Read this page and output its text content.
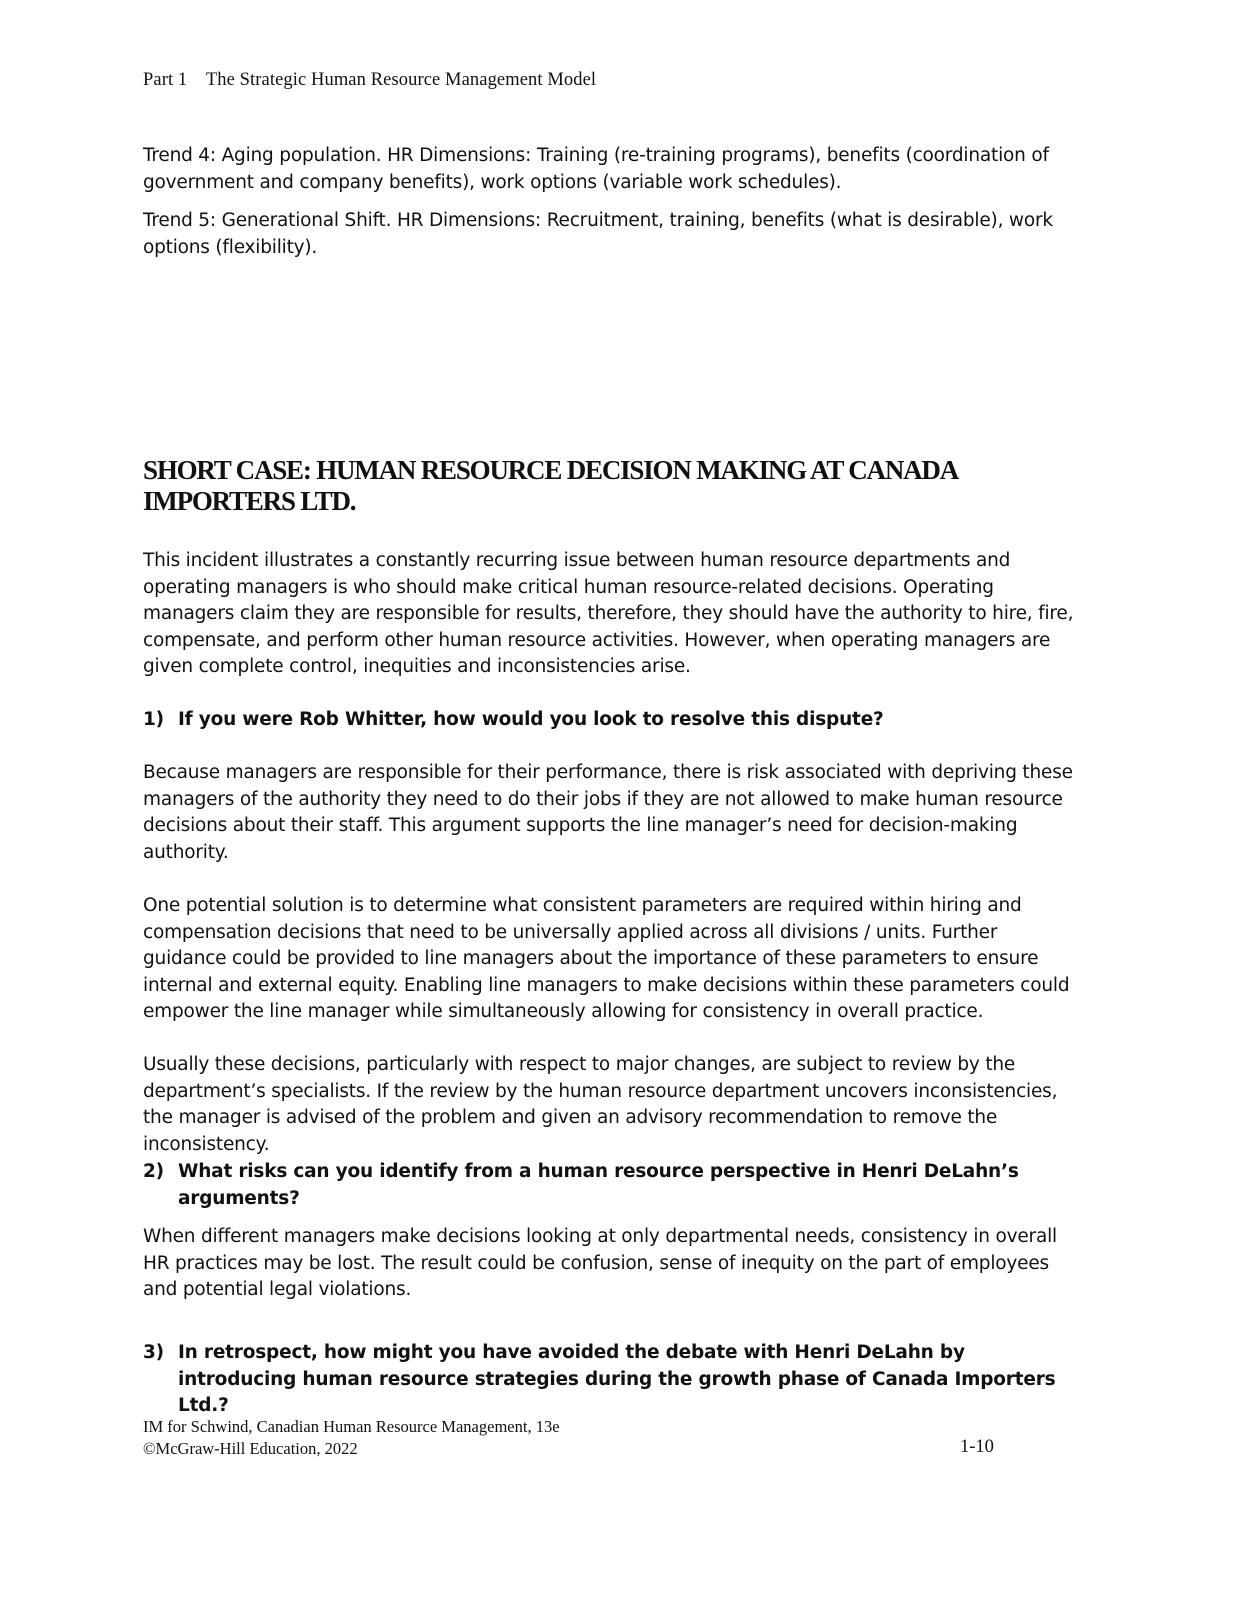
Part 1    The Strategic Human Resource Management Model

Trend 4: Aging population. HR Dimensions: Training (re-training programs), benefits (coordination of government and company benefits), work options (variable work schedules).

Trend 5: Generational Shift. HR Dimensions: Recruitment, training, benefits (what is desirable), work options (flexibility).

SHORT CASE: HUMAN RESOURCE DECISION MAKING AT CANADA IMPORTERS LTD.

This incident illustrates a constantly recurring issue between human resource departments and operating managers is who should make critical human resource-related decisions. Operating managers claim they are responsible for results, therefore, they should have the authority to hire, fire, compensate, and perform other human resource activities. However, when operating managers are given complete control, inequities and inconsistencies arise.

1) If you were Rob Whitter, how would you look to resolve this dispute?

Because managers are responsible for their performance, there is risk associated with depriving these managers of the authority they need to do their jobs if they are not allowed to make human resource decisions about their staff. This argument supports the line manager’s need for decision-making authority.

One potential solution is to determine what consistent parameters are required within hiring and compensation decisions that need to be universally applied across all divisions / units. Further guidance could be provided to line managers about the importance of these parameters to ensure internal and external equity. Enabling line managers to make decisions within these parameters could empower the line manager while simultaneously allowing for consistency in overall practice.

Usually these decisions, particularly with respect to major changes, are subject to review by the department’s specialists. If the review by the human resource department uncovers inconsistencies, the manager is advised of the problem and given an advisory recommendation to remove the inconsistency.

2) What risks can you identify from a human resource perspective in Henri DeLahn’s arguments?

When different managers make decisions looking at only departmental needs, consistency in overall HR practices may be lost. The result could be confusion, sense of inequity on the part of employees and potential legal violations.

3) In retrospect, how might you have avoided the debate with Henri DeLahn by introducing human resource strategies during the growth phase of Canada Importers Ltd.?
IM for Schwind, Canadian Human Resource Management, 13e
©McGraw-Hill Education, 2022	1-10
